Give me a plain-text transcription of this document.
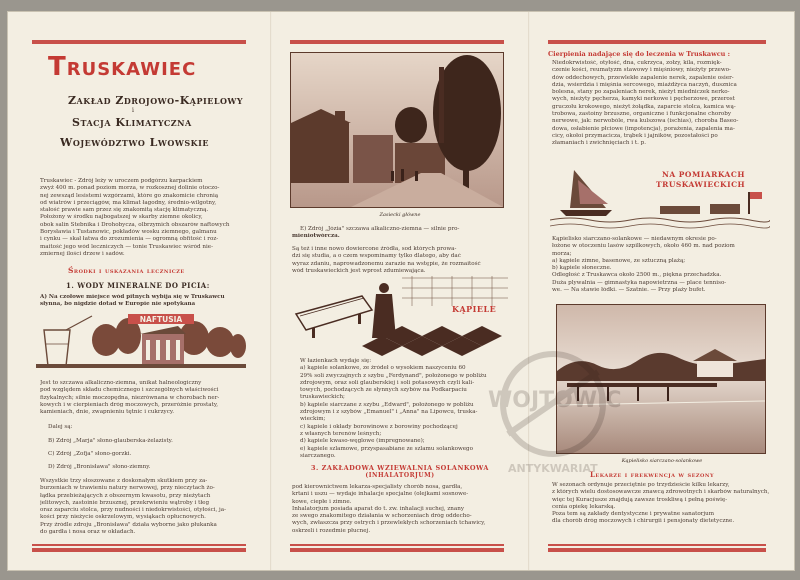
Truskawiec
Zakład Zdrojowo-Kąpielowy
i
Stacja Klimatyczna
Województwo Lwowskie

Truskawiec - Zdrój leży w uroczem podgórzu karpackiem

zwyż 400 m. ponad poziom morza, w rozkosznej dolinie otoczo-

nej zewsząd lesistemi wzgórzami, które go znakomicie chronią

od wiatrów i przeciągów, ma klimat łagodny, średnio-wilgotny,

stałość prawie sam przez się znakomitą stację klimatyczną.

Położony w środku najbogatszej w skarby ziemne okolicy,

obok salin Stebnika i Drohobycza, olbrzymich obszarów naftowych

Borysławia i Tustanowic, pokładów wosku ziemnego, galmanu

i cynku — skał łatwa do zrozumienia — ogromną obfitość i roz-

maitość jego wód leczniczych — tonie Truskawiec wśród nie-

zmiernej ilości drzew i sadów.

Środki i uskazania lecznicze
1. WODY MINERALNE DO PICIA:
A) Na czołowe miejsce wód pitnych wybija się w Truskawcu
słynna, bo nigdzie dotad w Europie nie spotykana
NAFTUSIA

Jest to szczawa alkaliczno-ziemna, unikat halneologiczny

pod względem składu chemicznego i szczególnych właściwości

fizykalnych; silnie moczopędna, niezrównana w chorobach ner-

kowych i w cierpieniach dróg moczowych, przeróżnie prostaty,

kamieniach, dnie, zwapnieniu tętnic i cukrzycy.

Dalej są:
B) Zdrój „Marja" słono-glauberska-żelazisty.
C) Zdrój „Zofja" słono-gorzki.
D) Zdrój „Bronisława" słono-ziemny.

Wszystkie trzy słoszowane z doskonałym skutkiem przy za-

burzeniach w trawieniu natury nerwowej, przy nieczytach żo-

łądka przebieżających z obszernym kwasotu, przy nieżytach

jelitowych, zastoinie brzusznej, przekrwieniu wątroby i tłeg

oraz zaparciu stolca, przy nudności i niedokrwistości, otyłości, ja-

kości przy nieżycie oskrzelowym, wysiąkach opłucnowych.

Przy źródle zdroju „Bronisława" działa wyborne jako płukanka

do gardła i nosa oraz w okładach.

Zasiecki główne
E) Zdrój „Józia" szczawa alkaliczno-ziemna — silnie pro-
mieniotwórcza.

Są też i inne nowo dowiercone źródła, sod których prowa-

dzi się studia, a o czem wspominamy tylko dlatego, aby dać

wyraz zdaniu, naprowadzonemu zarazie na wstępie, że rozmaitość

wód truskawieckich jest wprost zdumiewająca.

KĄPIELE

W łazienkach wydaje się:

a) kąpiele solankowe, ze źródeł o wysokiem naszyceniu 60

29% soli zwyczajnych z szybu „Ferdynand", położonego w pobliżu

zdrojowym, oraz soli glauberskiej i soli potasowych czyli kali-

towych, pochodzących ze słynnych szybów na Podkarpaciu

truskawieckich;

b) kąpiele siarczane z szybu „Edward", położonego w pobliżu

zdrojowym i z szybów „Emanuel" i „Anna" na Lipowcu, truska-

wieckim;

c) kąpiele i okłady borowinowe z borowiny pochodzącej

z własnych terenów leśnych;

d) kąpiele kwaso-węglowe (impregnowane);

e) kąpiele szlamowe, przyspasabiane ze szlamu solankowego

siarczanego.

3. ZAKŁADOWA WZIEWALNIA SOLANKOWA
(INHALATORJUM)

pod kierownictwem lekarza-specjalisty chorób nosa, gardła,

krtani i uszu — wydaje inhalacje specjalne (olejkami sosnowe-

kowe, ciepłe i zimne.

Inhalatorjum posiada aparat do t. zw. inhalacji suchej, znany

ze swego znakomitego działania w schorzeniach dróg oddecho-

wych, zwłaszcza przy ostrych i przewlekłych schorzeniach tchawicy,

oskrzeli i rozedmie płucnej.

Cierpienia nadające się do leczenia w Truskawcu :

Niedokrwistość, otyłość, dna, cukrzyca, zołzy, kila, rozmięk-

czenie kości, reumatyzm stawowy i mięśniowy, nieżyty przewo-

dów oddechowych, przewlekłe zapalenie nerek, zapalenie osier-

dzia, wsierdzia i mięśnia sercowego, miażdżyca naczyń, dusznica

bolesna, stany po zapaleniach nerek, nieżyt miedniczek nerko-

wych, nieżyty pęcherza, kamyki nerkowe i pęcherzowe, przerost

gruczołu krokowego, nieżyt żołądka, zaparcie stolca, kamica wą-

trobowa, zastoiny brzuszne, organiczne i funkcjonalne choroby

nerwowe, jak: nerwobóle, rwa kulszowa (ischias), choroba Baseo-

dowa, osłabienie płciowe (impotencja), porażenia, zapalenia ma-

cicy, okołoi przymacicza, trąbek i jajników, pozostałości po

złamaniach i zwichnięciach i t. p.

NA POMIARKACH
TRUSKAWIECKICH

Kąpielisko siarczano-solankowe — niedawnym okresie po-

łożone w otoczeniu lasów szpilkowych, około 460 m. nad poziom

morza;

a) kąpiele zimne, basenowe, ze sztuczną plażą;

b) kąpiele słoneczne.

Odległość z Truskawca około 2500 m., piękna przechadzka.

Duża plywalnia — gimnastyka napowietrzna — place tenniso-

we. — Na stawie łódki. — Szatnie. — Przy plaży bufet.

Kąpielisko siarczano-solankowe
Lekarze i frekwencja w sezony

W sezonach ordynuje przeciętnie po trzydzieście kilku lekarzy,

z których wielu dostosowawcze znawcą zdrowotnych i skarbów naturalnych,

więc tej Kuracjusze znajdują zawsze troskliwą i pełną poświę-

cenia opiekę lekarską.

Poza tem są zakłady dentystyczne i prywatne sanatorjum

dla chorób dróg moczowych i chirurgii i pensjonaty dietetyczne.

WOJTOWIC
ANTYKWARIAT
